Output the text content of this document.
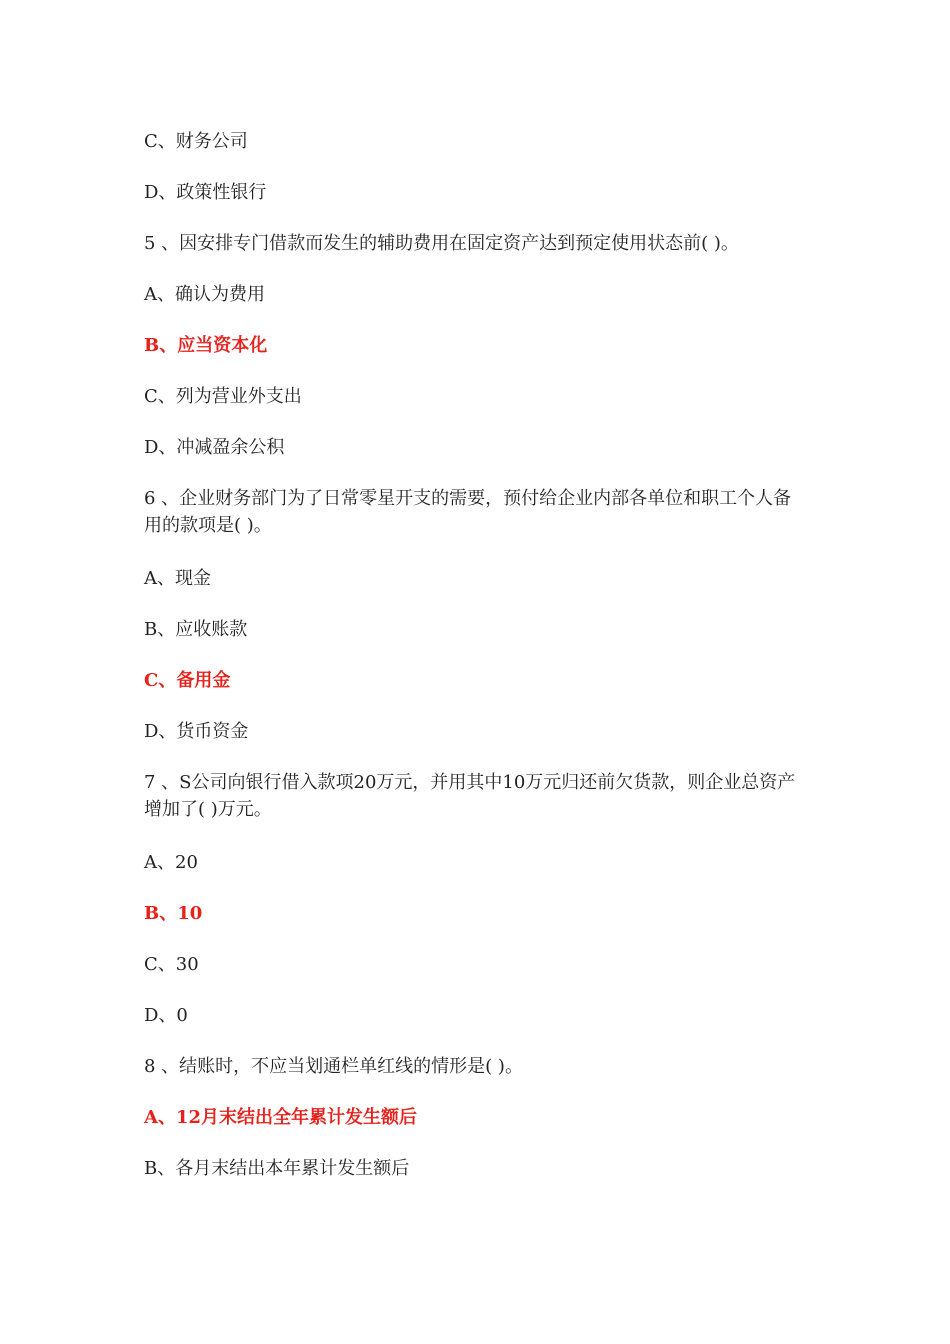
C、财务公司
D、政策性银行
5 、因安排专门借款而发生的辅助费用在固定资产达到预定使用状态前( )。
A、确认为费用
B、应当资本化
C、列为营业外支出
D、冲减盈余公积
6 、企业财务部门为了日常零星开支的需要，预付给企业内部各单位和职工个人备用的款项是( )。
A、现金
B、应收账款
C、备用金
D、货币资金
7 、S公司向银行借入款项20万元，并用其中10万元归还前欠货款，则企业总资产增加了( )万元。
A、20
B、10
C、30
D、0
8 、结账时，不应当划通栏单红线的情形是( )。
A、12月末结出全年累计发生额后
B、各月末结出本年累计发生额后
